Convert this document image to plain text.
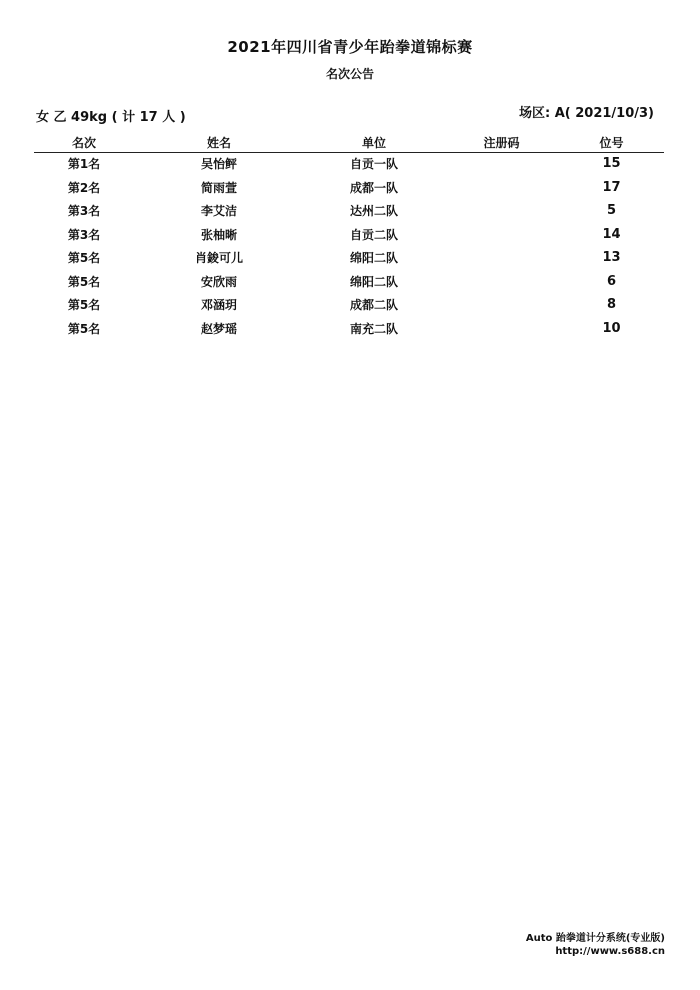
2021年四川省青少年跆拳道锦标赛
名次公告
女 乙 49kg ( 计 17 人 )	场区: A( 2021/10/3)
名次	姓名	单位	注册码	位号
第1名	吴怡鲆	自贡一队		15
第2名	简雨萱	成都一队		17
第3名	李艾洁	达州二队		5
第3名	张柚晰	自贡二队		14
第5名	肖鋑可儿	绵阳二队		13
第5名	安欣雨	绵阳二队		6
第5名	邓涵玥	成都二队		8
第5名	赵梦瑶	南充二队		10
Auto 跆拳道计分系统(专业版)
http://www.s688.cn
